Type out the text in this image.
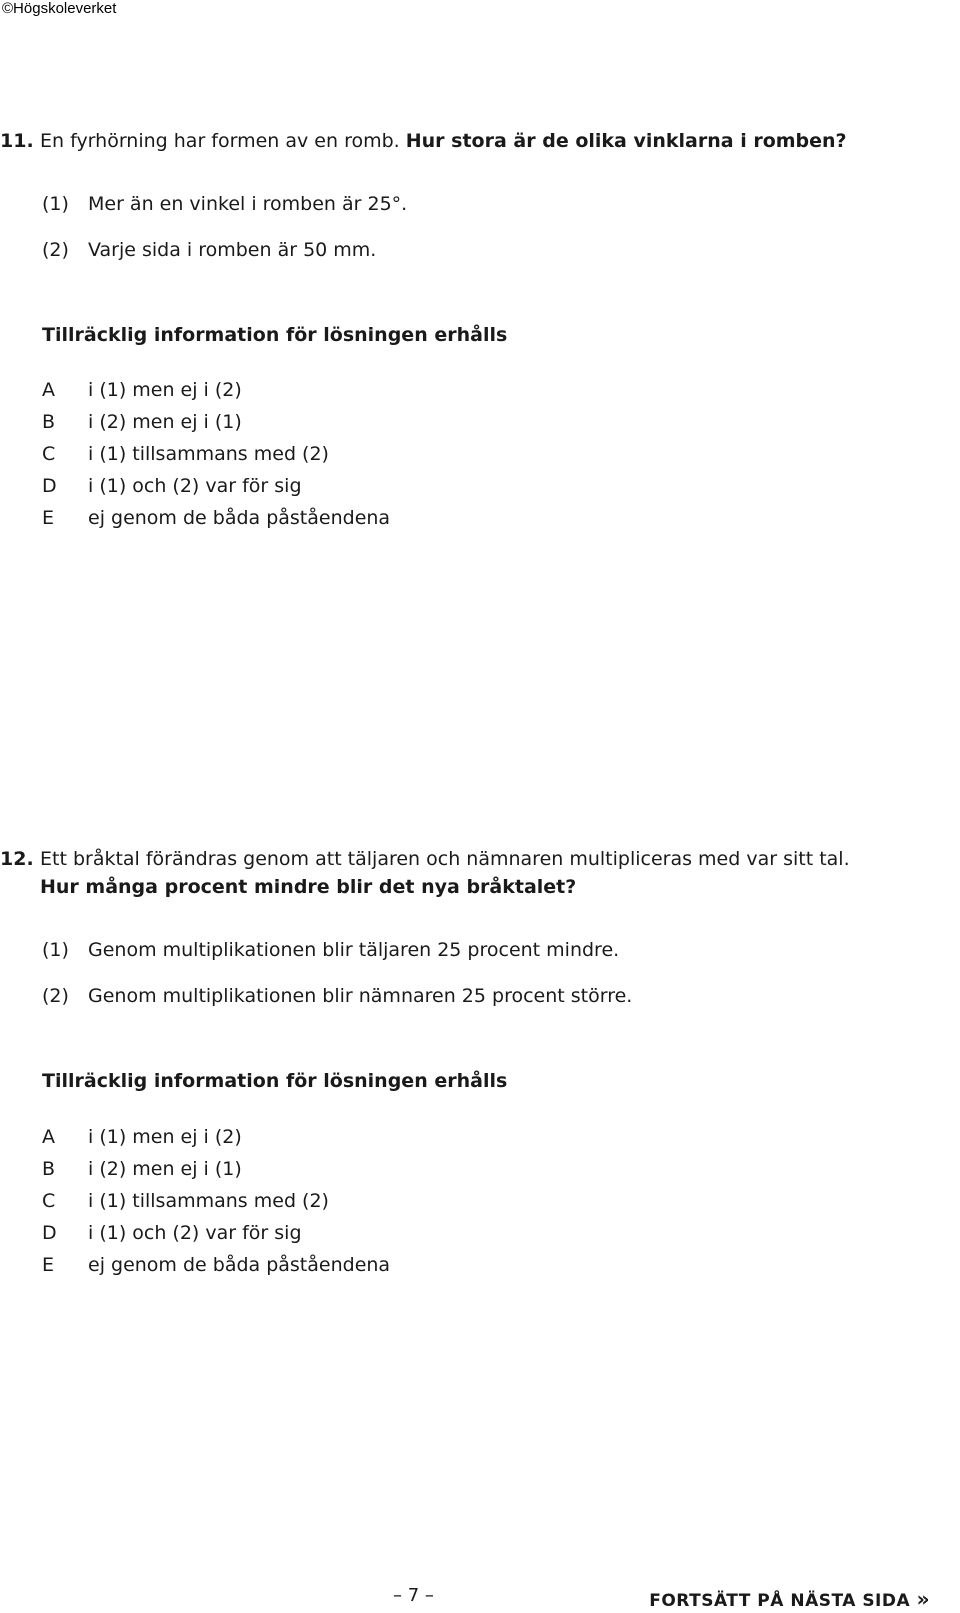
©Högskoleverket
11. En fyrhörning har formen av en romb. Hur stora är de olika vinklarna i romben?
(1) Mer än en vinkel i romben är 25°.
(2) Varje sida i romben är 50 mm.
Tillräcklig information för lösningen erhålls
A i (1) men ej i (2)
B i (2) men ej i (1)
C i (1) tillsammans med (2)
D i (1) och (2) var för sig
E ej genom de båda påståendena
12. Ett bråktal förändras genom att täljaren och nämnaren multipliceras med var sitt tal.
Hur många procent mindre blir det nya bråktalet?
(1) Genom multiplikationen blir täljaren 25 procent mindre.
(2) Genom multiplikationen blir nämnaren 25 procent större.
Tillräcklig information för lösningen erhålls
A i (1) men ej i (2)
B i (2) men ej i (1)
C i (1) tillsammans med (2)
D i (1) och (2) var för sig
E ej genom de båda påståendena
– 7 –	FORTSÄTT PÅ NÄSTA SIDA »
